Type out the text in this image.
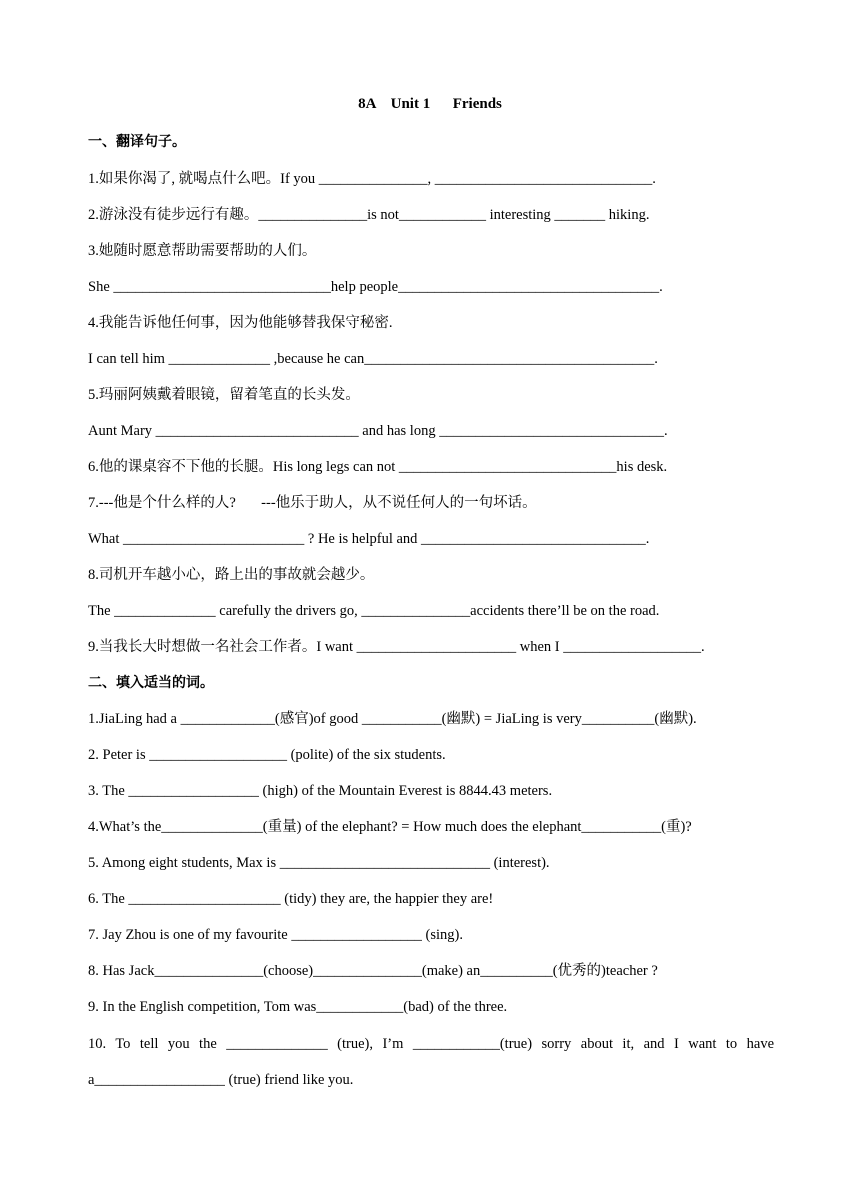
8A    Unit 1      Friends
一、翻译句子。
1.如果你渴了, 就喝点什么吧。If you _______________, ______________________________.
2.游泳没有徒步远行有趣。_______________is not____________ interesting _______ hiking.
3.她随时愿意帮助需要帮助的人们。
She ______________________________help people____________________________________.
4.我能告诉他任何事，因为他能够替我保守秘密.
I can tell him ______________ ,because he can________________________________________.
5.玛丽阿姨戴着眼镜，留着笔直的长头发。
Aunt Mary ____________________________ and has long _______________________________.
6.他的课桌容不下他的长腿。His long legs can not ______________________________his desk.
7.---他是个什么样的人?       ---他乐于助人，从不说任何人的一句坏话。
What _________________________ ? He is helpful and _______________________________.
8.司机开车越小心，路上出的事故就会越少。
The ______________ carefully the drivers go, _______________accidents there’ll be on the road.
9.当我长大时想做一名社会工作者。I want ______________________ when I ___________________.
二、填入适当的词。
1.JiaLing had a _____________(感官)of good ___________(幽默) = JiaLing is very__________(幽默).
2. Peter is ___________________ (polite) of the six students.
3. The __________________ (high) of the Mountain Everest is 8844.43 meters.
4.What’s the______________(重量) of the elephant? = How much does the elephant___________(重)?
5. Among eight students, Max is _____________________________ (interest).
6. The _____________________ (tidy) they are, the happier they are!
7. Jay Zhou is one of my favourite __________________ (sing).
8. Has Jack_______________(choose)_______________(make) an__________(优秀的)teacher ?
9. In the English competition, Tom was____________(bad) of the three.
10. To tell you the ______________ (true), I’m ____________(true) sorry about it, and I want to have
a__________________ (true) friend like you.
